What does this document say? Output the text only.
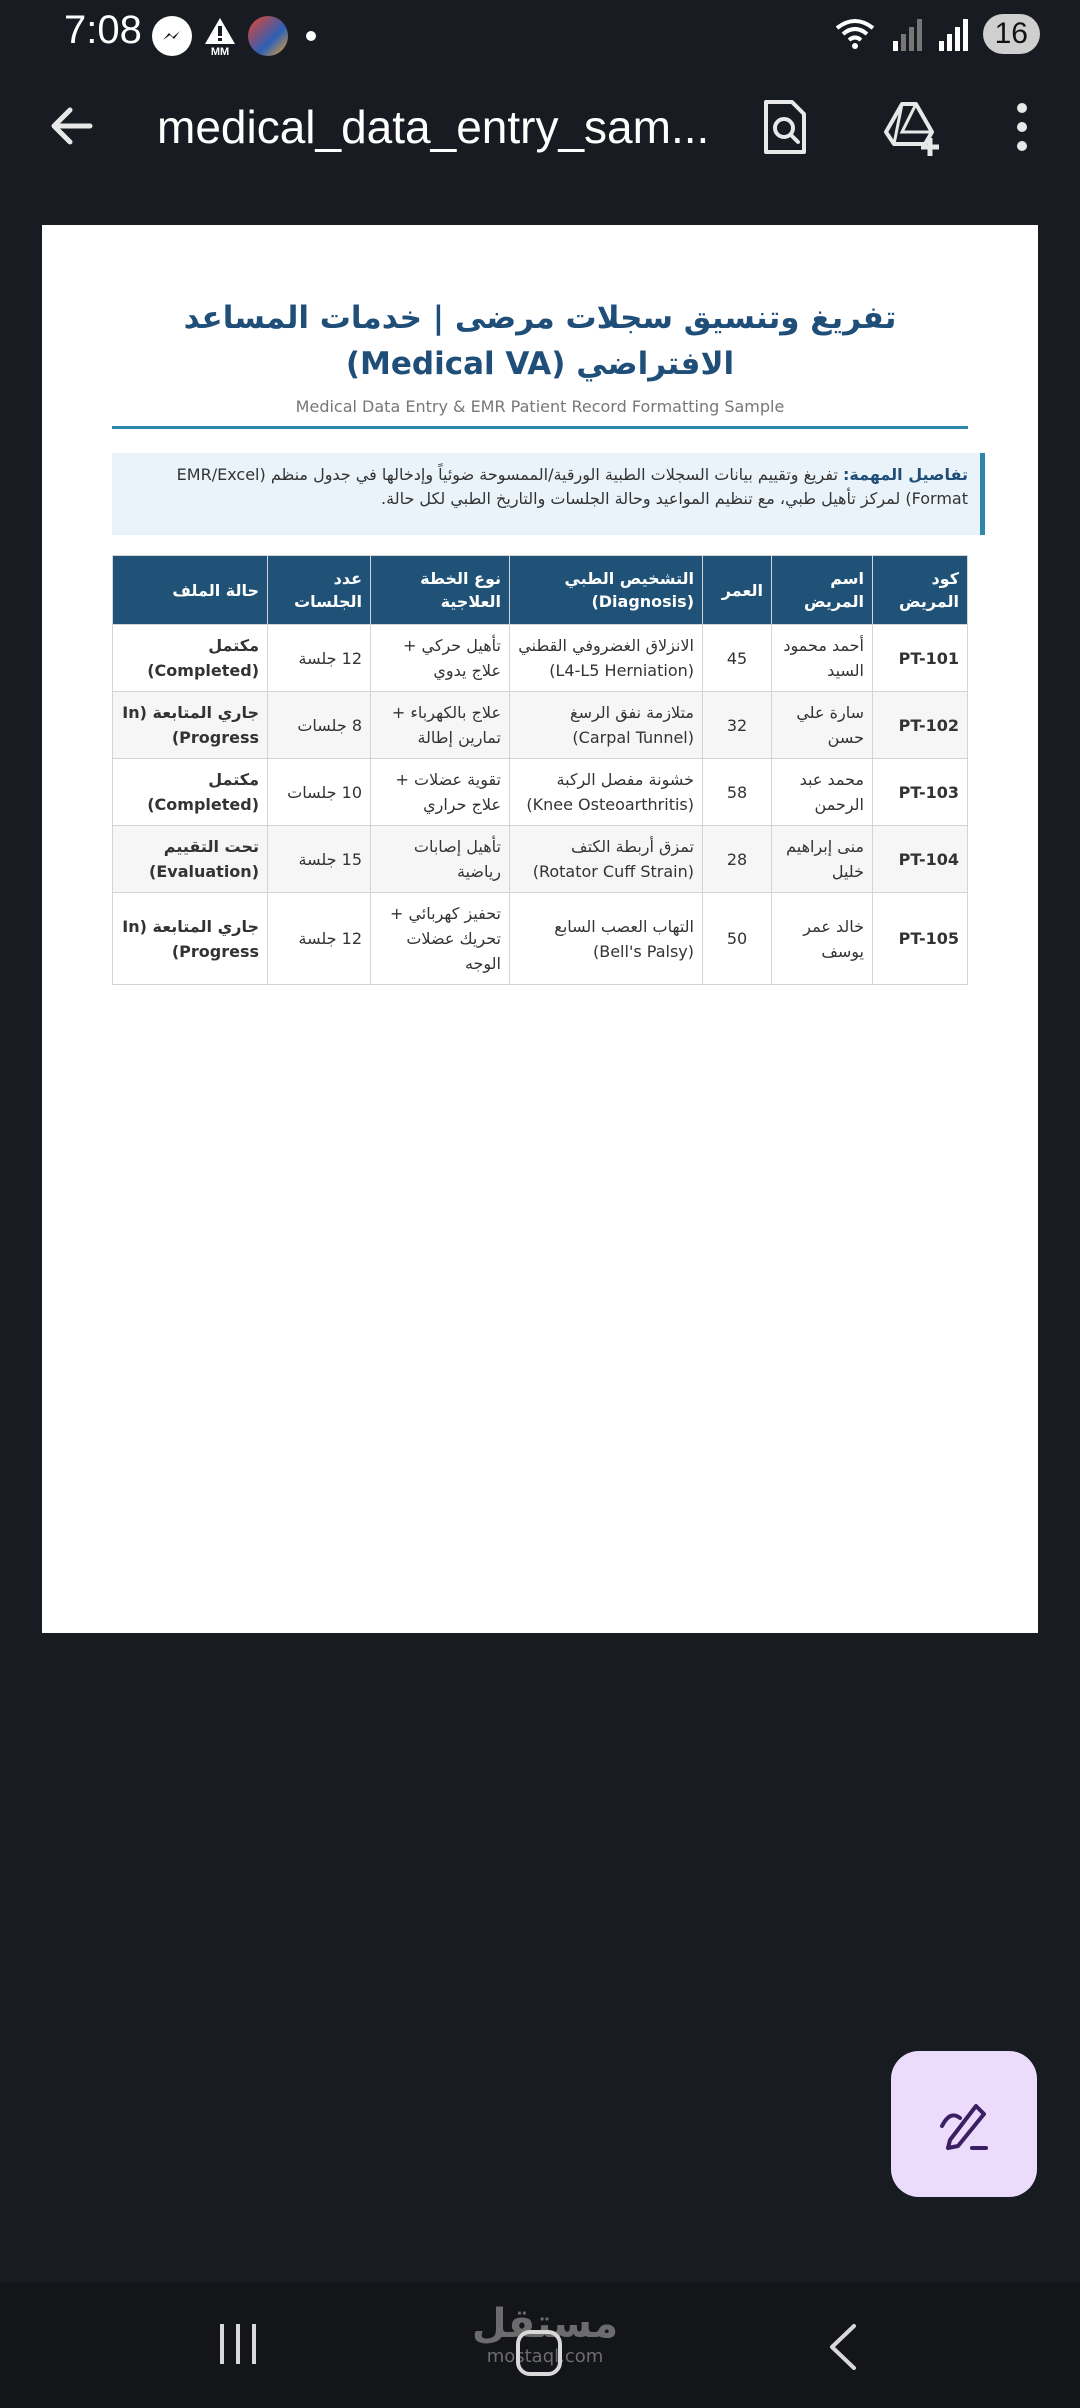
7:08	MM
16
medical_data_entry_sam...
تفريغ وتنسيق سجلات مرضى | خدمات المساعد
الافتراضي (Medical VA)
Medical Data Entry & EMR Patient Record Formatting Sample

تفاصيل المهمة: تفريغ وتقييم بيانات السجلات الطبية الورقية/الممسوحة ضوئياً وإدخالها في جدول منظم (EMR/Excel Format) لمركز تأهيل طبي، مع تنظيم المواعيد وحالة الجلسات والتاريخ الطبي لكل حالة.

كود المريض	اسم المريض	العمر	التشخيص الطبي (Diagnosis)	نوع الخطة العلاجية	عدد الجلسات	حالة الملف
PT-101	أحمد محمود السيد	45	الانزلاق الغضروفي القطني (L4-L5 Herniation)	تأهيل حركي + علاج يدوي	12 جلسة	مكتمل (Completed)
PT-102	سارة علي حسن	32	متلازمة نفق الرسغ (Carpal Tunnel)	علاج بالكهرباء + تمارين إطالة	8 جلسات	جاري المتابعة (In Progress)
PT-103	محمد عبد الرحمن	58	خشونة مفصل الركبة (Knee Osteoarthritis)	تقوية عضلات + علاج حراري	10 جلسات	مكتمل (Completed)
PT-104	منى إبراهيم خليل	28	تمزق أربطة الكتف (Rotator Cuff Strain)	تأهيل إصابات رياضية	15 جلسة	تحت التقييم (Evaluation)
PT-105	خالد عمر يوسف	50	التهاب العصب السابع (Bell's Palsy)	تحفيز كهربائي + تحريك عضلات الوجه	12 جلسة	جاري المتابعة (In Progress)
مستقل
mostaql.com
